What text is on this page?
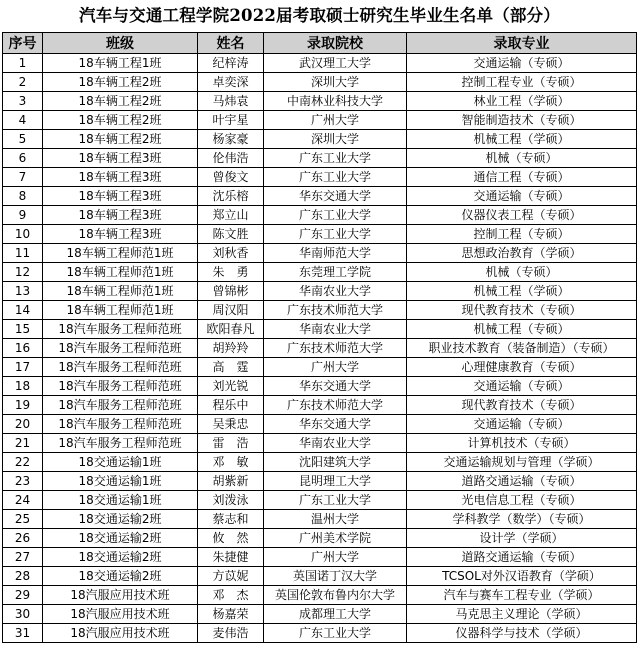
汽车与交通工程学院2022届考取硕士研究生毕业生名单（部分）
序号	班级	姓名	录取院校	录取专业
1	18车辆工程1班	纪梓涛	武汉理工大学	交通运输（专硕）
2	18车辆工程2班	卓奕深	深圳大学	控制工程专业（专硕）
3	18车辆工程2班	马炜袁	中南林业科技大学	林业工程（学硕）
4	18车辆工程2班	叶宇星	广州大学	智能制造技术（专硕）
5	18车辆工程2班	杨家豪	深圳大学	机械工程（学硕）
6	18车辆工程3班	伦伟浩	广东工业大学	机械（专硕）
7	18车辆工程3班	曾俊文	广东工业大学	通信工程（专硕）
8	18车辆工程3班	沈乐榕	华东交通大学	交通运输（专硕）
9	18车辆工程3班	郑立山	广东工业大学	仪器仪表工程（专硕）
10	18车辆工程3班	陈文胜	广东工业大学	控制工程（专硕）
11	18车辆工程师范1班	刘秋香	华南师范大学	思想政治教育（学硕）
12	18车辆工程师范1班	朱　勇	东莞理工学院	机械（专硕）
13	18车辆工程师范1班	曾锦彬	华南农业大学	机械工程（学硕）
14	18车辆工程师范1班	周汉阳	广东技术师范大学	现代教育技术（专硕）
15	18汽车服务工程师范班	欧阳春凡	华南农业大学	机械工程（专硕）
16	18汽车服务工程师范班	胡羚羚	广东技术师范大学	职业技术教育（装备制造）（专硕）
17	18汽车服务工程师范班	高　霆	广州大学	心理健康教育（专硕）
18	18汽车服务工程师范班	刘光锐	华东交通大学	交通运输（专硕）
19	18汽车服务工程师范班	程乐中	广东技术师范大学	现代教育技术（专硕）
20	18汽车服务工程师范班	吴秉忠	华东交通大学	交通运输（专硕）
21	18汽车服务工程师范班	雷　浩	华南农业大学	计算机技术（专硕）
22	18交通运输1班	邓　敏	沈阳建筑大学	交通运输规划与管理（学硕）
23	18交通运输1班	胡紫新	昆明理工大学	道路交通运输（专硕）
24	18交通运输1班	刘泼泳	广东工业大学	光电信息工程（专硕）
25	18交通运输2班	蔡志和	温州大学	学科教学（数学）（专硕）
26	18交通运输2班	攸　然	广州美术学院	设计学（学硕）
27	18交通运输2班	朱捷健	广州大学	道路交通运输（专硕）
28	18交通运输2班	方苡妮	英国诺丁汉大学	TCSOL对外汉语教育（学硕）
29	18汽服应用技术班	邓　杰	英国伦敦布鲁内尔大学	汽车与赛车工程专业（学硕）
30	18汽服应用技术班	杨嘉荣	成都理工大学	马克思主义理论（学硕）
31	18汽服应用技术班	麦伟浩	广东工业大学	仪器科学与技术（学硕）
